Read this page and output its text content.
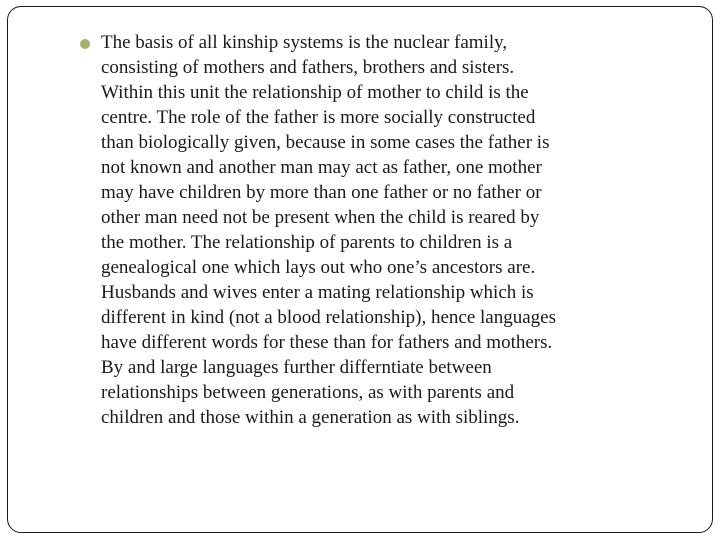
The basis of all kinship systems is the nuclear family,
consisting of mothers and fathers, brothers and sisters.
Within this unit the relationship of mother to child is the
centre. The role of the father is more socially constructed
than biologically given, because in some cases the father is
not known and another man may act as father, one mother
may have children by more than one father or no father or
other man need not be present when the child is reared by
the mother. The relationship of parents to children is a
genealogical one which lays out who one’s ancestors are.
Husbands and wives enter a mating relationship which is
different in kind (not a blood relationship), hence languages
have different words for these than for fathers and mothers.
By and large languages further differntiate between
relationships between generations, as with parents and
children and those within a generation as with siblings.
